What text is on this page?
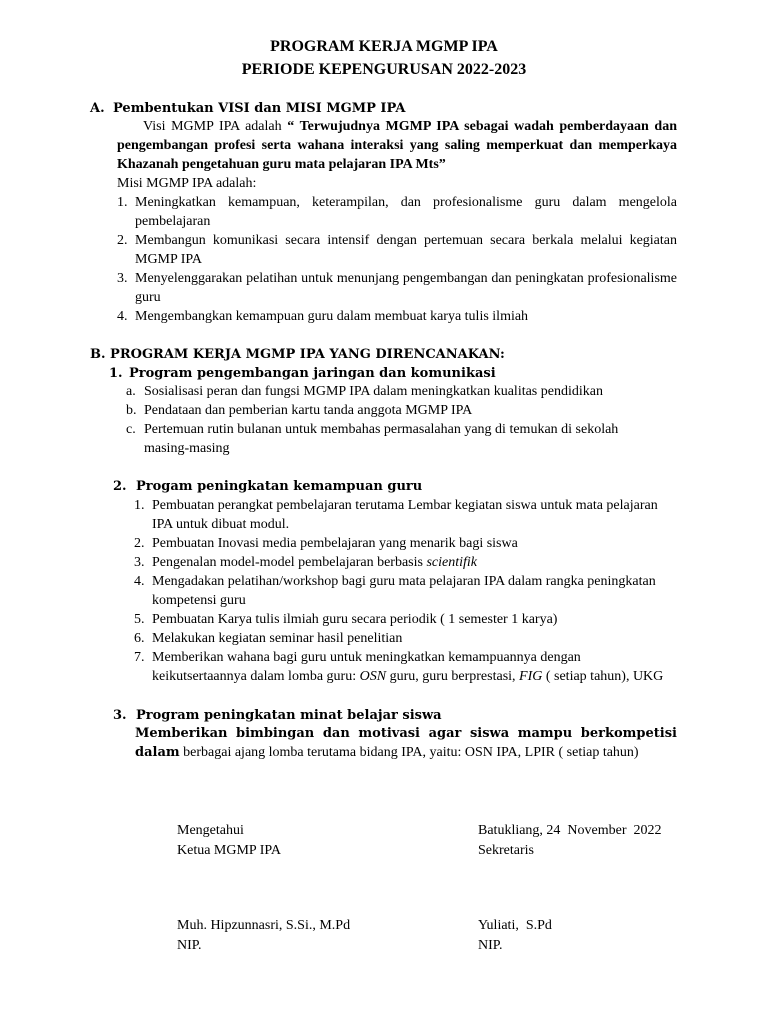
PROGRAM KERJA MGMP IPA
PERIODE KEPENGURUSAN 2022-2023
A. Pembentukan VISI dan MISI MGMP IPA
Visi MGMP IPA adalah “ Terwujudnya MGMP IPA sebagai wadah pemberdayaan dan pengembangan profesi serta wahana interaksi yang saling memperkuat dan memperkaya Khazanah pengetahuan guru mata pelajaran IPA Mts”
Misi MGMP IPA adalah:
1. Meningkatkan kemampuan, keterampilan, dan profesionalisme guru dalam mengelola pembelajaran
2. Membangun komunikasi secara intensif dengan pertemuan secara berkala melalui kegiatan MGMP IPA
3. Menyelenggarakan pelatihan untuk menunjang pengembangan dan peningkatan profesionalisme guru
4. Mengembangkan kemampuan guru dalam membuat karya tulis ilmiah
B. PROGRAM KERJA MGMP IPA YANG DIRENCANAKAN:
1. Program pengembangan jaringan dan komunikasi
a. Sosialisasi peran dan fungsi MGMP IPA dalam meningkatkan kualitas pendidikan
b. Pendataan dan pemberian kartu tanda anggota MGMP IPA
c. Pertemuan rutin bulanan untuk membahas permasalahan yang di temukan di sekolah masing-masing
2. Progam peningkatan kemampuan guru
1. Pembuatan perangkat pembelajaran terutama Lembar kegiatan siswa untuk mata pelajaran IPA untuk dibuat modul.
2. Pembuatan Inovasi media pembelajaran yang menarik bagi siswa
3. Pengenalan model-model pembelajaran berbasis scientifik
4. Mengadakan pelatihan/workshop bagi guru mata pelajaran IPA dalam rangka peningkatan    kompetensi guru
5. Pembuatan Karya tulis ilmiah guru secara periodik ( 1 semester 1 karya)
6. Melakukan kegiatan seminar hasil penelitian
7. Memberikan wahana bagi guru untuk meningkatkan kemampuannya dengan keikutsertaannya dalam lomba guru: OSN guru, guru berprestasi, FIG ( setiap tahun), UKG
3. Program peningkatan minat belajar siswa
Memberikan bimbingan dan motivasi agar siswa mampu berkompetisi dalam berbagai ajang lomba terutama bidang IPA, yaitu: OSN IPA, LPIR ( setiap tahun)
Mengetahui
Ketua MGMP IPA
Muh. Hipzunnasri, S.Si., M.Pd
NIP.
Batukliang, 24  November  2022
Sekretaris
Yuliati,  S.Pd
NIP.
